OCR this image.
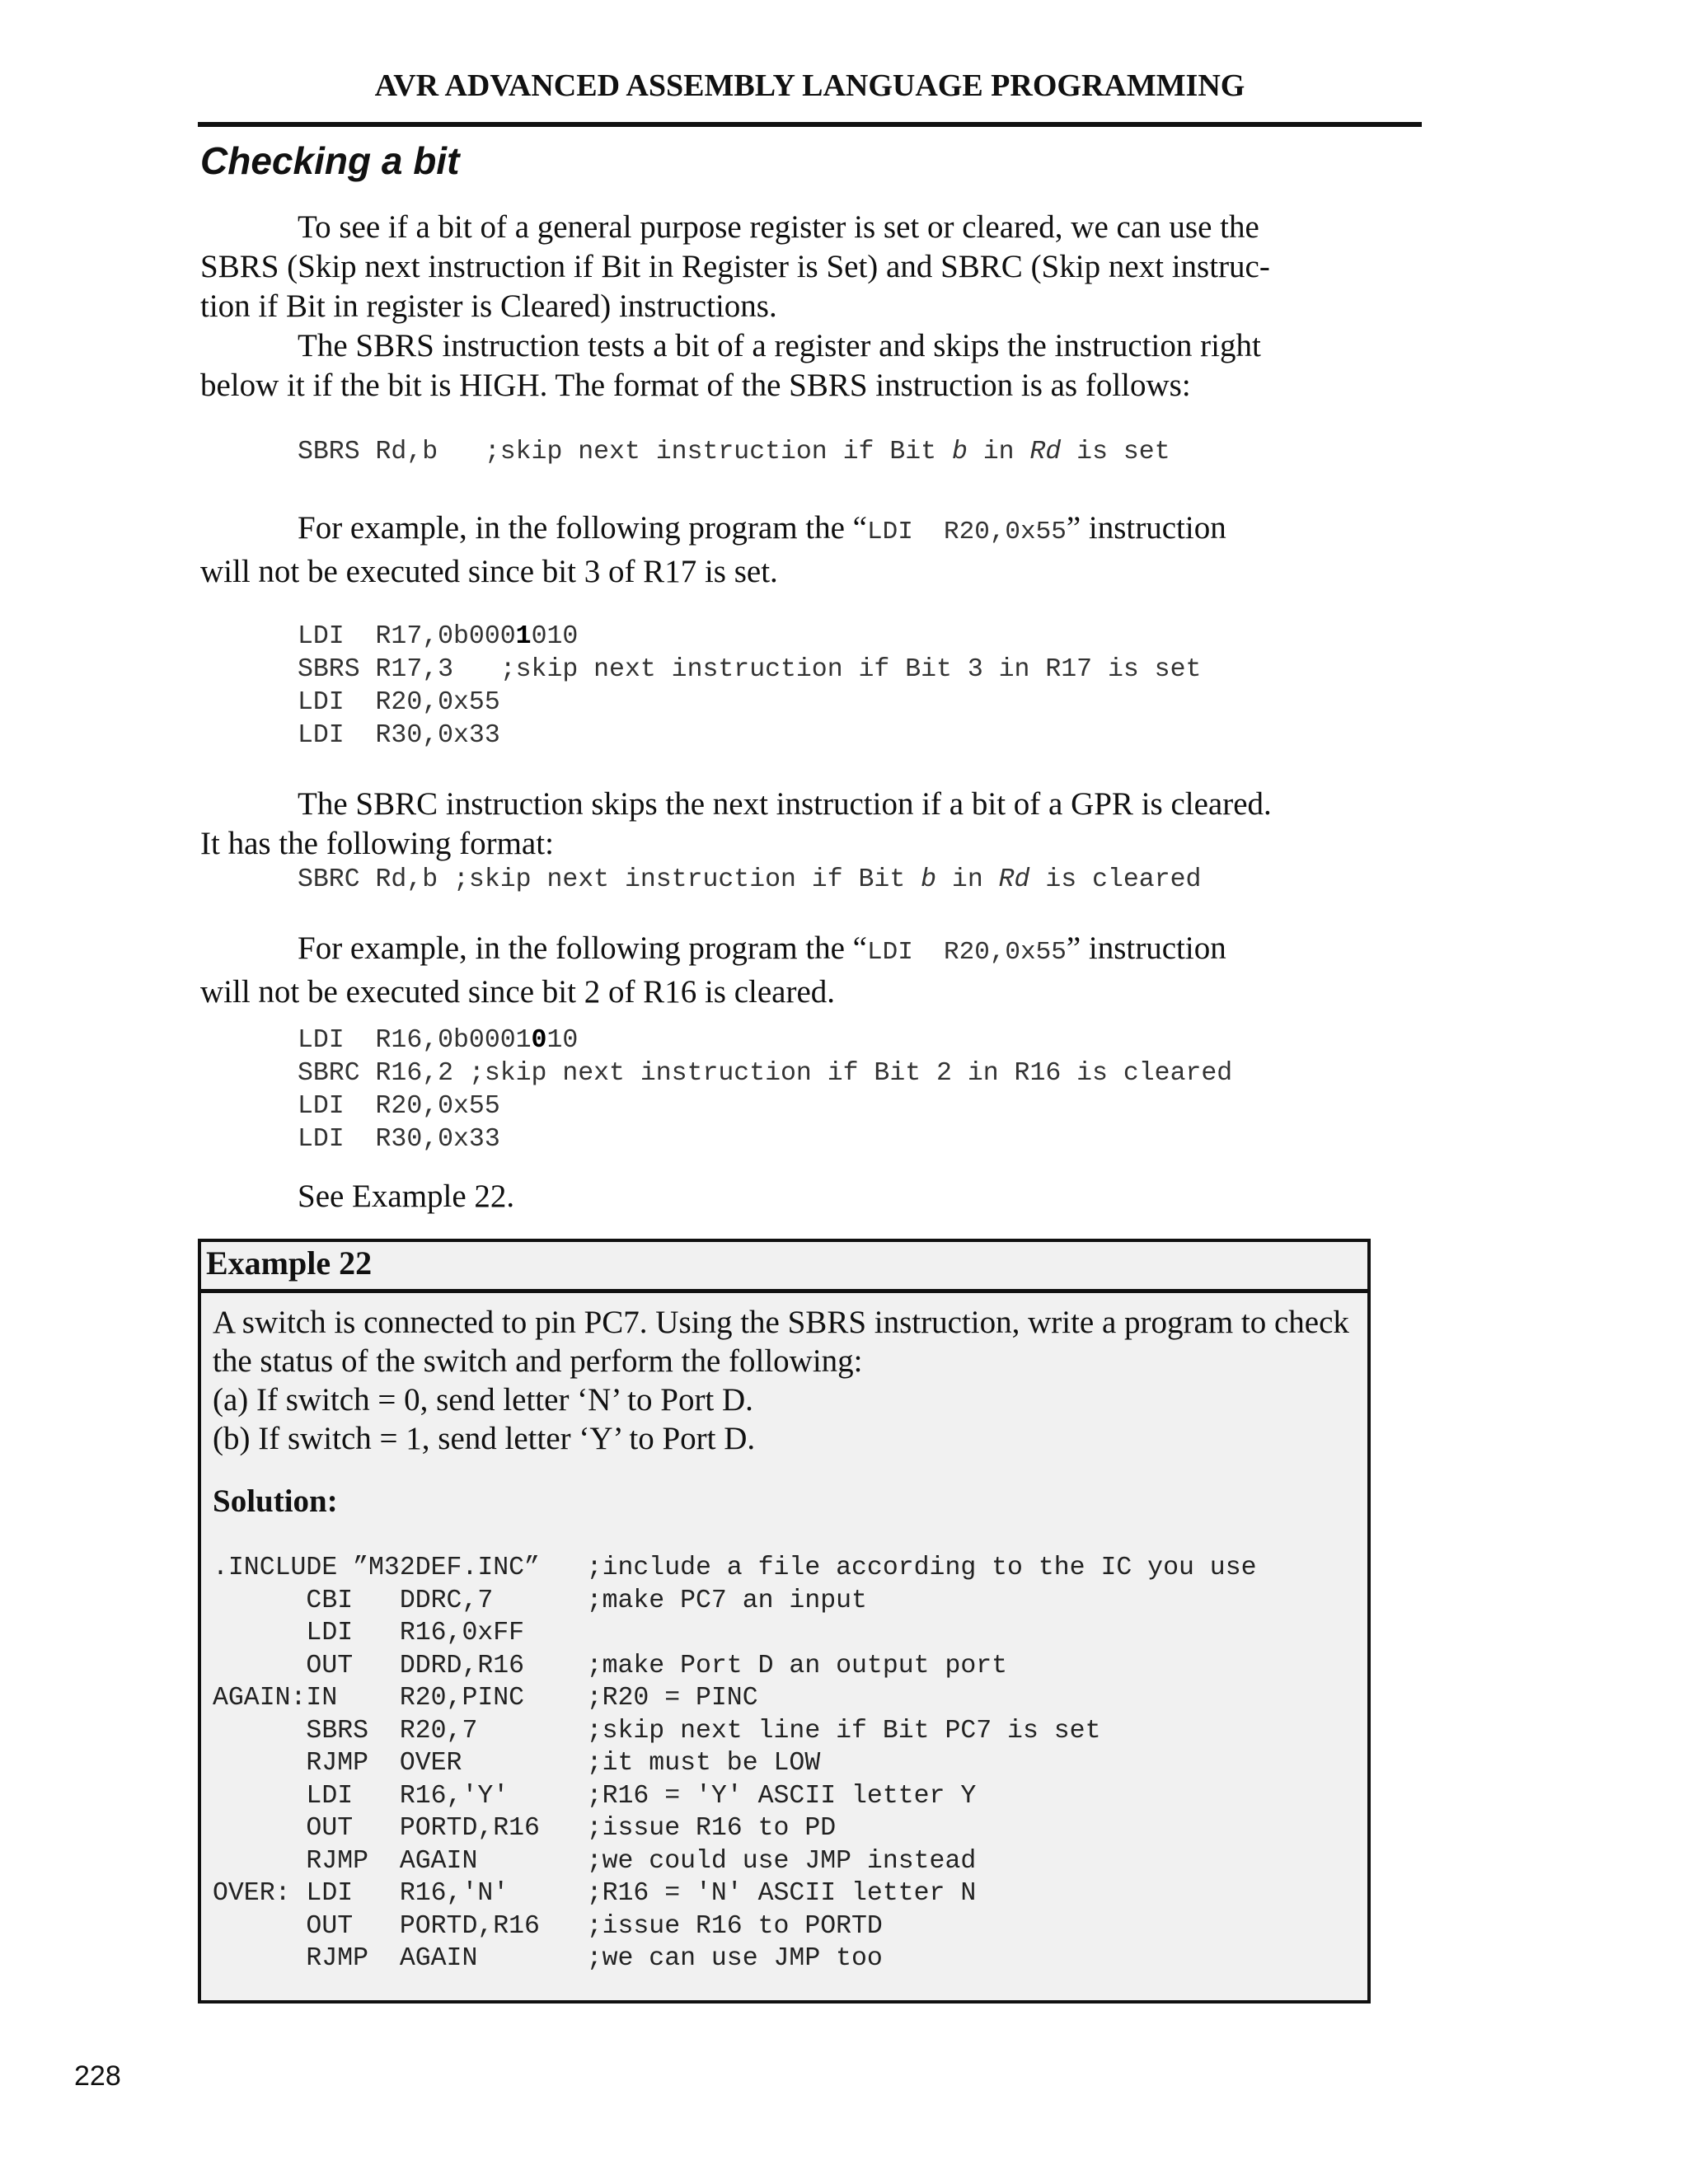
AVR ADVANCED ASSEMBLY LANGUAGE PROGRAMMING
Checking a bit
To see if a bit of a general purpose register is set or cleared, we can use the
SBRS (Skip next instruction if Bit in Register is Set) and SBRC (Skip next instruc-
tion if Bit in register is Cleared) instructions.
The SBRS instruction tests a bit of a register and skips the instruction right
below it if the bit is HIGH. The format of the SBRS instruction is as follows:
SBRS Rd,b   ;skip next instruction if Bit b in Rd is set
For example, in the following program the “LDI  R20,0x55” instruction
will not be executed since bit 3 of R17 is set.
LDI  R17,0b0001010
SBRS R17,3   ;skip next instruction if Bit 3 in R17 is set
LDI  R20,0x55
LDI  R30,0x33
The SBRC instruction skips the next instruction if a bit of a GPR is cleared.
It has the following format:
SBRC Rd,b ;skip next instruction if Bit b in Rd is cleared
For example, in the following program the “LDI  R20,0x55” instruction
will not be executed since bit 2 of R16 is cleared.
LDI  R16,0b0001010
SBRC R16,2 ;skip next instruction if Bit 2 in R16 is cleared
LDI  R20,0x55
LDI  R30,0x33
See Example 22.
Example 22
A switch is connected to pin PC7. Using the SBRS instruction, write a program to check
the status of the switch and perform the following:
(a) If switch = 0, send letter ‘N’ to Port D.
(b) If switch = 1, send letter ‘Y’ to Port D.
Solution:
.INCLUDE ”M32DEF.INC”   ;include a file according to the IC you use
CBI   DDRC,7      ;make PC7 an input
LDI   R16,0xFF
OUT   DDRD,R16    ;make Port D an output port
AGAIN:IN    R20,PINC    ;R20 = PINC
SBRS  R20,7       ;skip next line if Bit PC7 is set
RJMP  OVER        ;it must be LOW
LDI   R16,'Y'     ;R16 = 'Y' ASCII letter Y
OUT   PORTD,R16   ;issue R16 to PD
RJMP  AGAIN       ;we could use JMP instead
OVER: LDI   R16,'N'     ;R16 = 'N' ASCII letter N
OUT   PORTD,R16   ;issue R16 to PORTD
RJMP  AGAIN       ;we can use JMP too
228
